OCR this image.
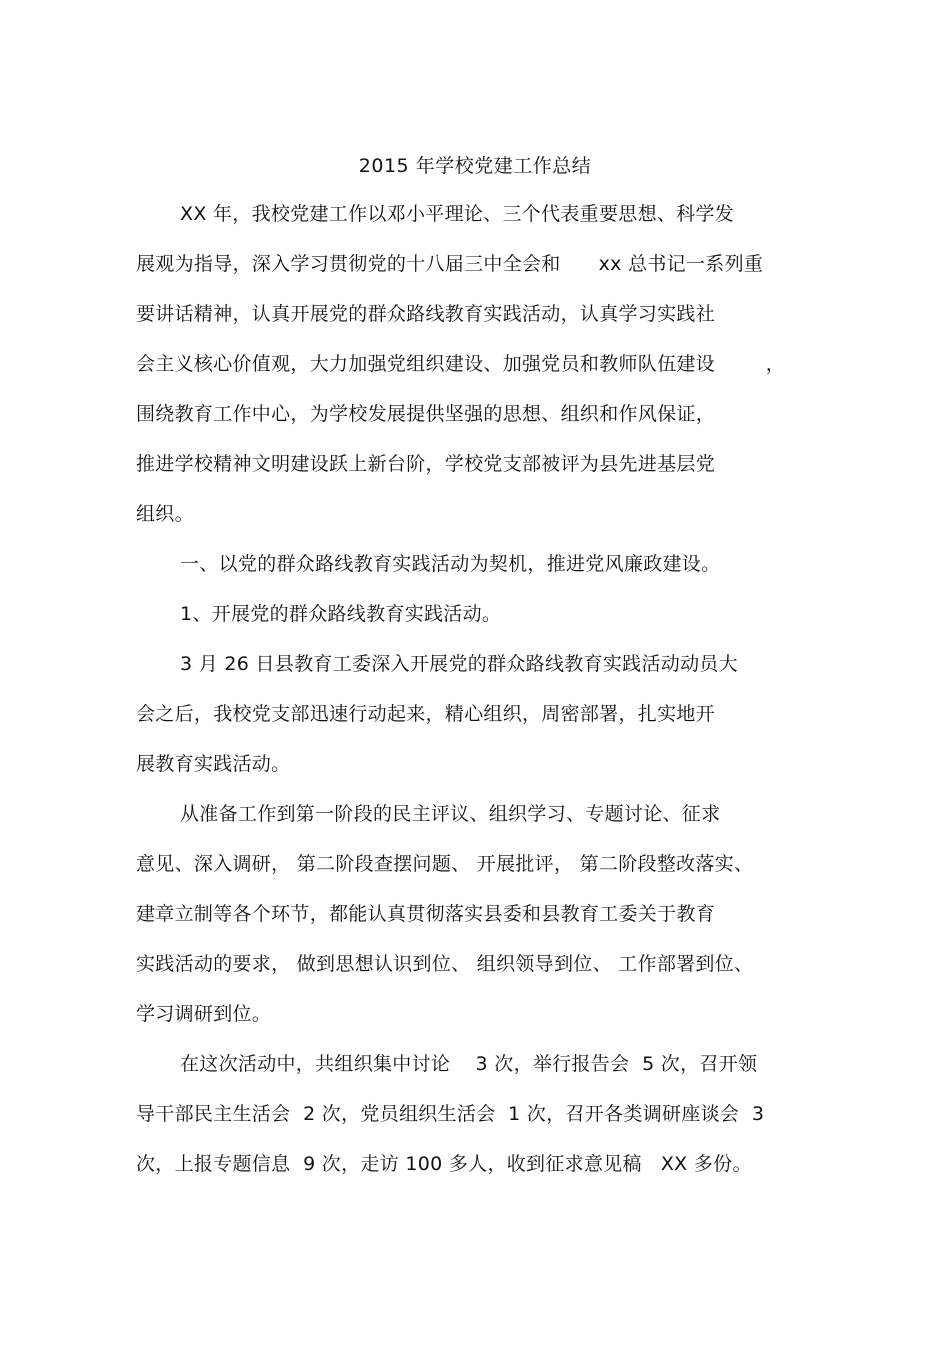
2015 年学校党建工作总结
XX 年，我校党建工作以邓小平理论、三个代表重要思想、科学发
展观为指导，深入学习贯彻党的十八届三中全会和      xx 总书记一系列重
要讲话精神，认真开展党的群众路线教育实践活动，认真学习实践社
会主义核心价值观，大力加强党组织建设、加强党员和教师队伍建设        ，
围绕教育工作中心，为学校发展提供坚强的思想、组织和作风保证，
推进学校精神文明建设跃上新台阶，学校党支部被评为县先进基层党
组织。
一、以党的群众路线教育实践活动为契机，推进党风廉政建设。
1、开展党的群众路线教育实践活动。
3 月 26 日县教育工委深入开展党的群众路线教育实践活动动员大
会之后，我校党支部迅速行动起来，精心组织，周密部署，扎实地开
展教育实践活动。
从准备工作到第一阶段的民主评议、组织学习、专题讨论、征求
意见、深入调研， 第二阶段查摆问题、 开展批评， 第二阶段整改落实、
建章立制等各个环节，都能认真贯彻落实县委和县教育工委关于教育
实践活动的要求， 做到思想认识到位、 组织领导到位、 工作部署到位、
学习调研到位。
在这次活动中，共组织集中讨论    3 次，举行报告会  5 次，召开领
导干部民主生活会  2 次，党员组织生活会  1 次，召开各类调研座谈会  3
次，上报专题信息  9 次，走访 100 多人，收到征求意见稿   XX 多份。
